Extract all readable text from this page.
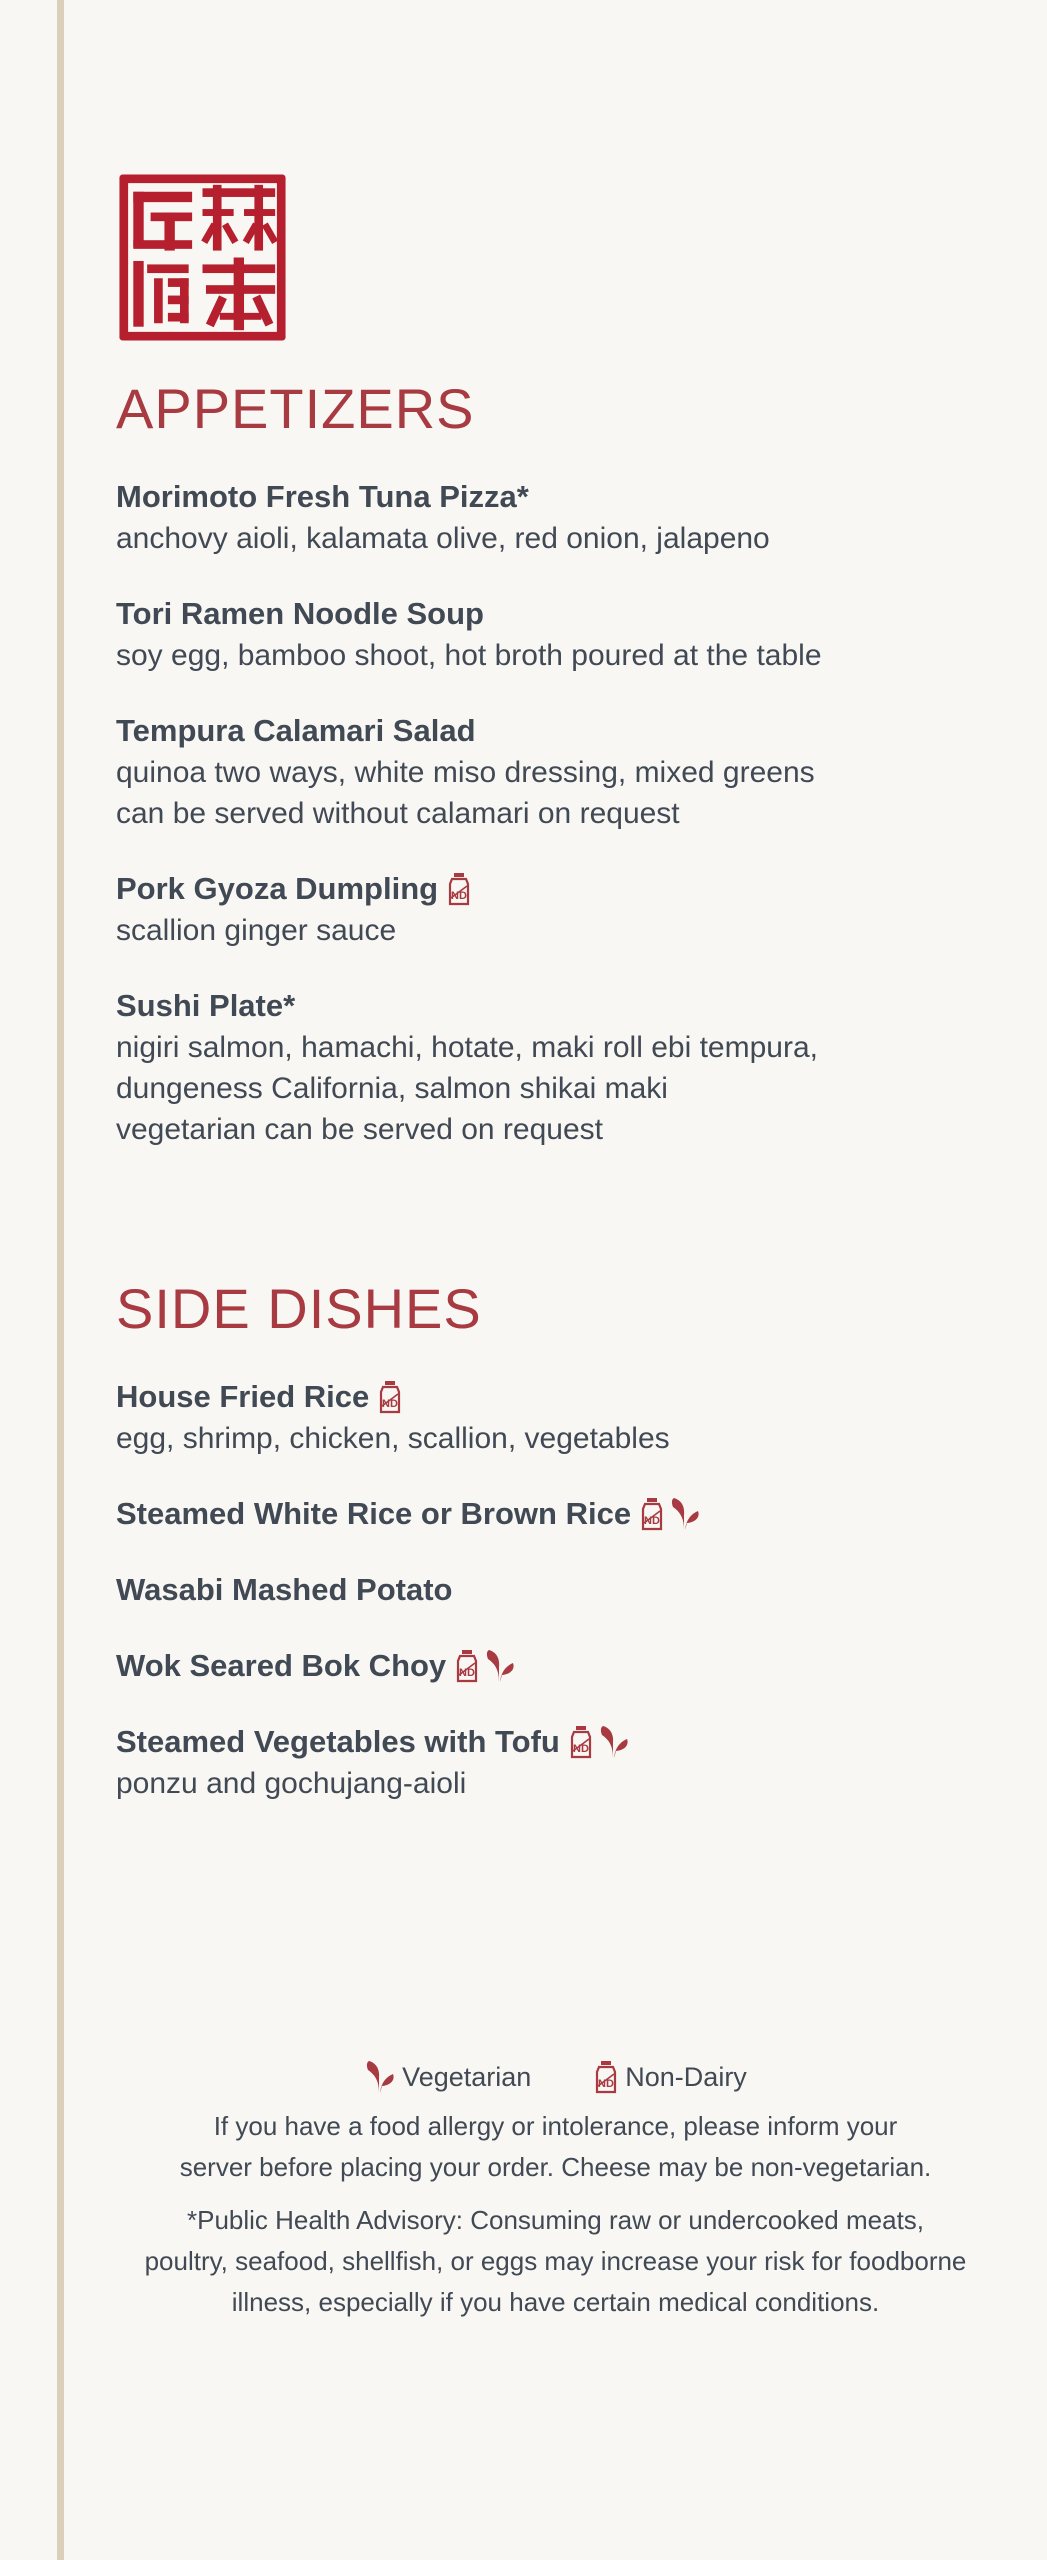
APPETIZERS
Morimoto Fresh Tuna Pizza*
anchovy aioli, kalamata olive, red onion, jalapeno
Tori Ramen Noodle Soup
soy egg, bamboo shoot, hot broth poured at the table
Tempura Calamari Salad
quinoa two ways, white miso dressing, mixed greens
can be served without calamari on request
Pork Gyoza Dumpling ND
scallion ginger sauce
Sushi Plate*
nigiri salmon, hamachi, hotate, maki roll ebi tempura,
dungeness California, salmon shikai maki
vegetarian can be served on request
SIDE DISHES
House Fried Rice ND
egg, shrimp, chicken, scallion, vegetables
Steamed White Rice or Brown Rice ND
Wasabi Mashed Potato
Wok Seared Bok Choy ND
Steamed Vegetables with Tofu ND
ponzu and gochujang-aioli
Vegetarian	ND Non-Dairy
If you have a food allergy or intolerance, please inform your
server before placing your order. Cheese may be non-vegetarian.
*Public Health Advisory: Consuming raw or undercooked meats,
poultry, seafood, shellfish, or eggs may increase your risk for foodborne
illness, especially if you have certain medical conditions.
